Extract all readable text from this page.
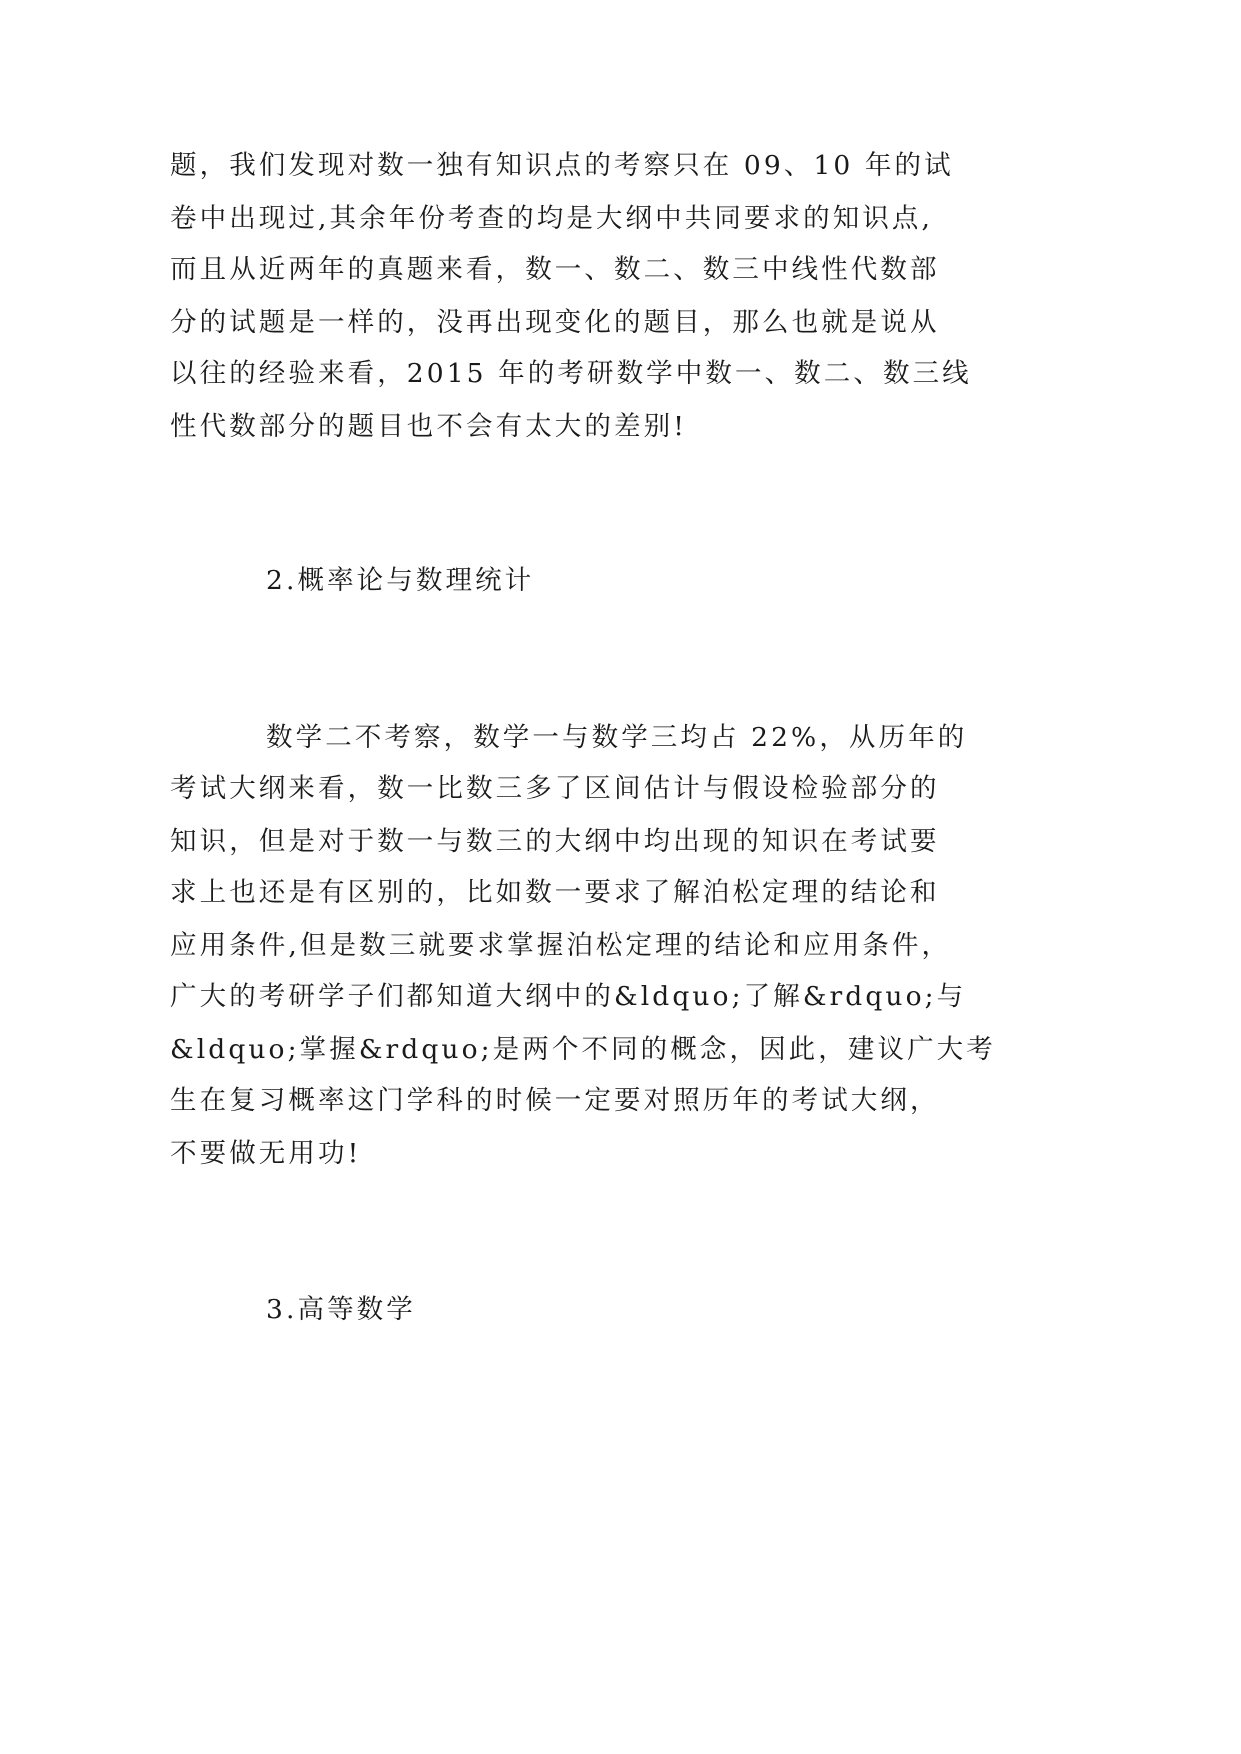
题，我们发现对数一独有知识点的考察只在 09、10 年的试
卷中出现过,其余年份考查的均是大纲中共同要求的知识点,
而且从近两年的真题来看，数一、数二、数三中线性代数部
分的试题是一样的，没再出现变化的题目，那么也就是说从
以往的经验来看，2015 年的考研数学中数一、数二、数三线
性代数部分的题目也不会有太大的差别!
2.概率论与数理统计
数学二不考察，数学一与数学三均占 22%，从历年的
考试大纲来看，数一比数三多了区间估计与假设检验部分的
知识，但是对于数一与数三的大纲中均出现的知识在考试要
求上也还是有区别的，比如数一要求了解泊松定理的结论和
应用条件,但是数三就要求掌握泊松定理的结论和应用条件，
广大的考研学子们都知道大纲中的&ldquo;了解&rdquo;与
&ldquo;掌握&rdquo;是两个不同的概念，因此，建议广大考
生在复习概率这门学科的时候一定要对照历年的考试大纲，
不要做无用功!
3.高等数学
